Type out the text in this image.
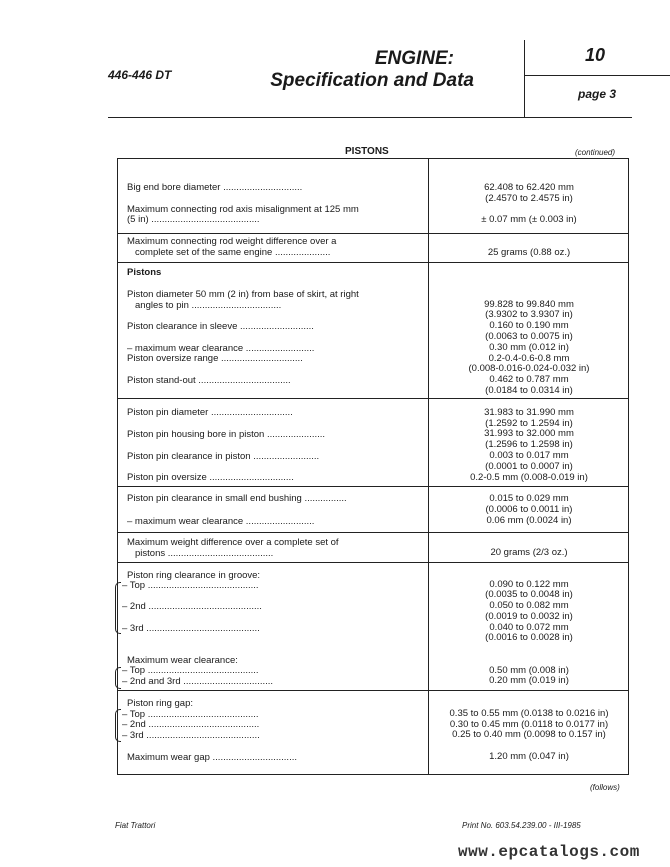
446-446 DT
ENGINE:
Specification and Data
10
page 3
PISTONS	(continued)
Big end bore diameter ..............................	62.408 to 62.420 mm
(2.4570 to 2.4575 in)
Maximum connecting rod axis misalignment at 125 mm
(5 in) .........................................	± 0.07 mm (± 0.003 in)
Maximum connecting rod weight difference over a
complete set of the same engine .....................	25 grams (0.88 oz.)
Pistons
Piston diameter 50 mm (2 in) from base of skirt, at right
angles to pin ..................................	99.828 to 99.840 mm
(3.9302 to 3.9307 in)
Piston clearance in sleeve ............................	0.160 to 0.190 mm
(0.0063 to 0.0075 in)
– maximum wear clearance ..........................	0.30 mm (0.012 in)
Piston oversize range ...............................	0.2-0.4-0.6-0.8 mm
(0.008-0.016-0.024-0.032 in)
Piston stand-out ...................................	0.462 to 0.787 mm
(0.0184 to 0.0314 in)
Piston pin diameter ...............................	31.983 to 31.990 mm
(1.2592 to 1.2594 in)
Piston pin housing bore in piston ......................	31.993 to 32.000 mm
(1.2596 to 1.2598 in)
Piston pin clearance in piston .........................	0.003 to 0.017 mm
(0.0001 to 0.0007 in)
Piston pin oversize ................................	0.2-0.5 mm (0.008-0.019 in)
Piston pin clearance in small end bushing ................	0.015 to 0.029 mm
(0.0006 to 0.0011 in)
– maximum wear clearance ..........................	0.06 mm (0.0024 in)
Maximum weight difference over a complete set of
pistons ........................................	20 grams (2/3 oz.)
Piston ring clearance in groove:
– Top ..........................................	0.090 to 0.122 mm
(0.0035 to 0.0048 in)
– 2nd ...........................................	0.050 to 0.082 mm
(0.0019 to 0.0032 in)
– 3rd ...........................................	0.040 to 0.072 mm
(0.0016 to 0.0028 in)
Maximum wear clearance:
– Top ..........................................	0.50 mm (0.008 in)
– 2nd and 3rd ..................................	0.20 mm (0.019 in)
Piston ring gap:
– Top ..........................................	0.35 to 0.55 mm (0.0138 to 0.0216 in)
– 2nd ..........................................	0.30 to 0.45 mm (0.0118 to 0.0177 in)
– 3rd ...........................................	0.25 to 0.40 mm (0.0098 to 0.157 in)
Maximum wear gap ................................	1.20 mm (0.047 in)
(follows)
Fiat Trattori	Print No. 603.54.239.00 - III-1985
www.epcatalogs.com
